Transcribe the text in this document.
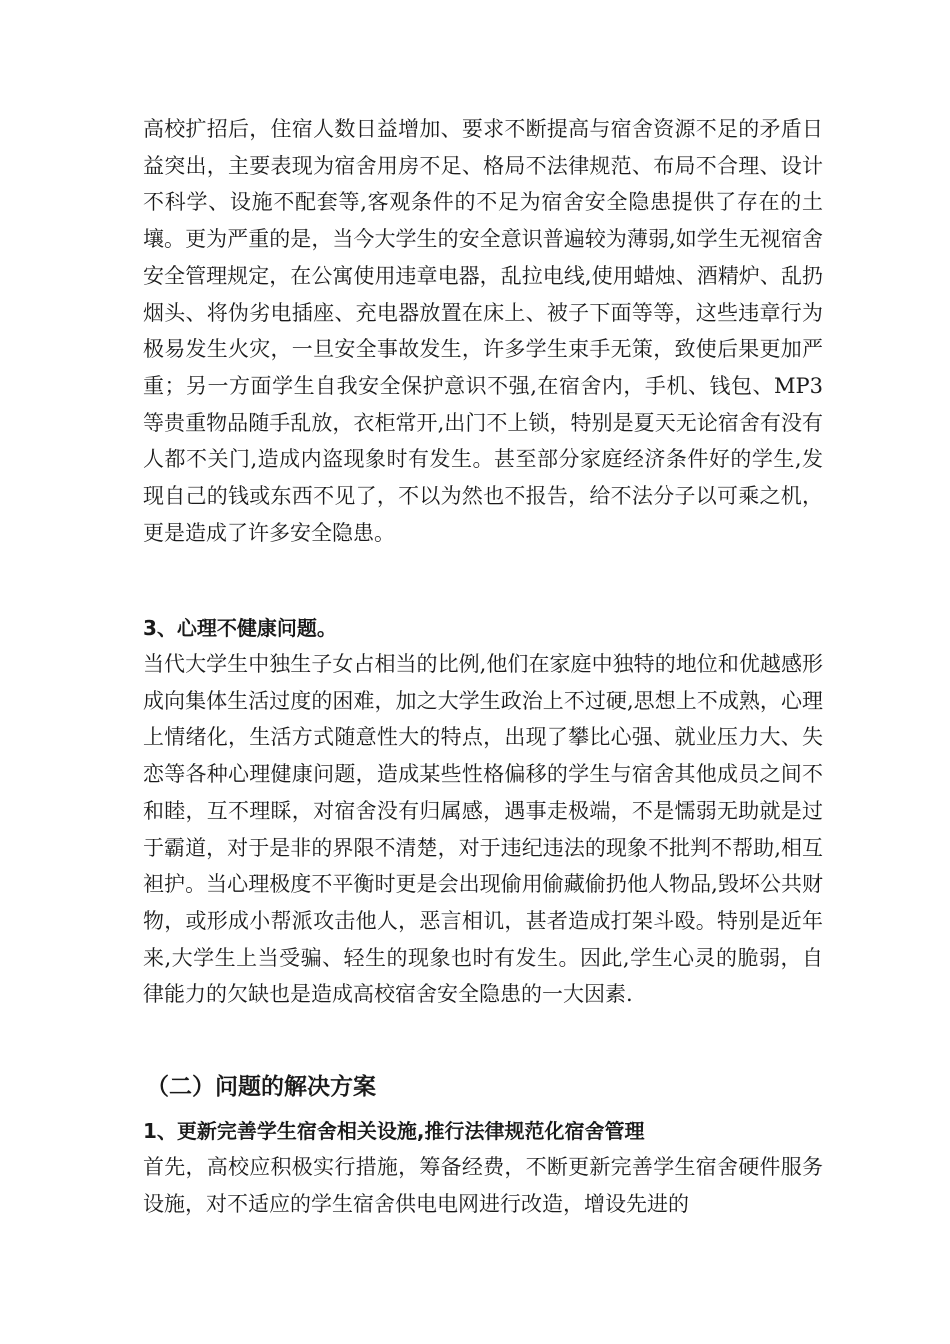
高校扩招后，住宿人数日益增加、要求不断提高与宿舍资源不足的矛盾日益突出，主要表现为宿舍用房不足、格局不法律规范、布局不合理、设计不科学、设施不配套等,客观条件的不足为宿舍安全隐患提供了存在的土壤。更为严重的是，当今大学生的安全意识普遍较为薄弱,如学生无视宿舍安全管理规定，在公寓使用违章电器，乱拉电线,使用蜡烛、酒精炉、乱扔烟头、将伪劣电插座、充电器放置在床上、被子下面等等，这些违章行为极易发生火灾，一旦安全事故发生，许多学生束手无策，致使后果更加严重；另一方面学生自我安全保护意识不强,在宿舍内，手机、钱包、MP3等贵重物品随手乱放，衣柜常开,出门不上锁，特别是夏天无论宿舍有没有人都不关门,造成内盗现象时有发生。甚至部分家庭经济条件好的学生,发现自己的钱或东西不见了，不以为然也不报告，给不法分子以可乘之机，更是造成了许多安全隐患。

3、心理不健康问题。

当代大学生中独生子女占相当的比例,他们在家庭中独特的地位和优越感形成向集体生活过度的困难，加之大学生政治上不过硬,思想上不成熟，心理上情绪化，生活方式随意性大的特点，出现了攀比心强、就业压力大、失恋等各种心理健康问题，造成某些性格偏移的学生与宿舍其他成员之间不和睦，互不理睬，对宿舍没有归属感，遇事走极端，不是懦弱无助就是过于霸道，对于是非的界限不清楚，对于违纪违法的现象不批判不帮助,相互袒护。当心理极度不平衡时更是会出现偷用偷藏偷扔他人物品,毁坏公共财物，或形成小帮派攻击他人，恶言相讥，甚者造成打架斗殴。特别是近年来,大学生上当受骗、轻生的现象也时有发生。因此,学生心灵的脆弱，自律能力的欠缺也是造成高校宿舍安全隐患的一大因素.

（二）问题的解决方案

1、更新完善学生宿舍相关设施,推行法律规范化宿舍管理

首先，高校应积极实行措施，筹备经费，不断更新完善学生宿舍硬件服务设施，对不适应的学生宿舍供电电网进行改造，增设先进的
